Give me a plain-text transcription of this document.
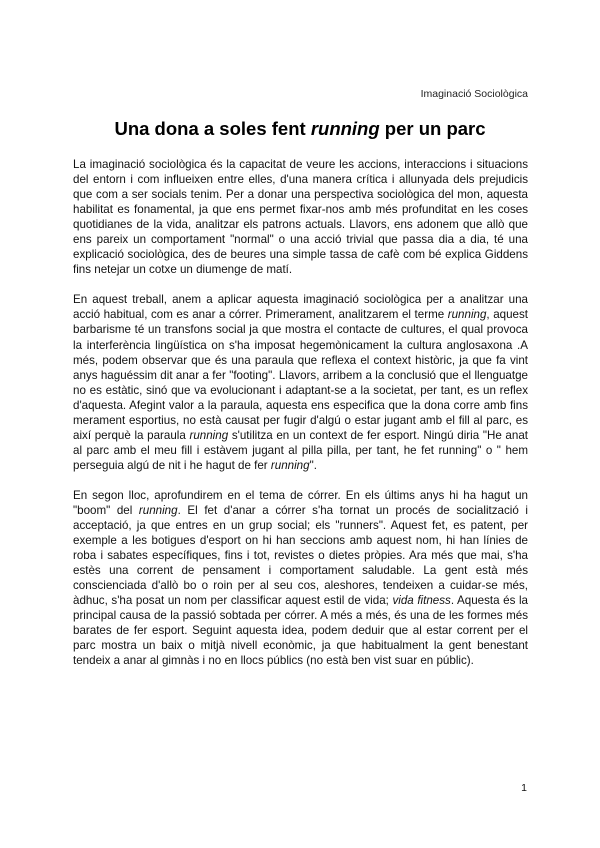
Imaginació Sociològica
Una dona a soles fent running per un parc

La imaginació sociològica és la capacitat de veure les accions, interaccions i situacions del entorn i com influeixen entre elles, d'una manera crítica i allunyada dels prejudicis que com a ser socials tenim. Per a donar una perspectiva sociològica del mon, aquesta habilitat es fonamental, ja que ens permet fixar-nos amb més profunditat en les coses quotidianes de la vida, analitzar els patrons actuals. Llavors, ens adonem que allò que ens pareix un comportament "normal" o una acció trivial que passa dia a dia, té una explicació sociològica, des de beures una simple tassa de cafè com bé explica Giddens fins netejar un cotxe un diumenge de matí.

En aquest treball, anem a aplicar aquesta imaginació sociològica per a analitzar una acció habitual, com es anar a córrer. Primerament, analitzarem el terme running, aquest barbarisme té un transfons social ja que mostra el contacte de cultures, el qual provoca la interferència lingüística on s'ha imposat hegemònicament la cultura anglosaxona .A més, podem observar que és una paraula que reflexa el context històric, ja que fa vint anys haguéssim dit anar a fer "footing". Llavors, arribem a la conclusió que el llenguatge no es estàtic, sinó que va evolucionant i adaptant-se a la societat, per tant, es un reflex d'aquesta. Afegint valor a la paraula, aquesta ens especifica que la dona corre amb fins merament esportius, no està causat per fugir d'algú o estar jugant amb el fill al parc, es així perquè la paraula running s'utilitza en un context de fer esport. Ningú diria "He anat al parc amb el meu fill i estàvem jugant al pilla pilla, per tant, he fet running" o " hem perseguia algú de nit i he hagut de fer running".

En segon lloc, aprofundirem en el tema de córrer. En els últims anys hi ha hagut un "boom" del running. El fet d'anar a córrer s'ha tornat un procés de socialització i acceptació, ja que entres en un grup social; els "runners". Aquest fet, es patent, per exemple a les botigues d'esport on hi han seccions amb aquest nom, hi han línies de roba i sabates específiques, fins i tot, revistes o dietes pròpies. Ara més que mai, s'ha estès una corrent de pensament i comportament saludable. La gent està més conscienciada d'allò bo o roin per al seu cos, aleshores, tendeixen a cuidar-se més, àdhuc, s'ha posat un nom per classificar aquest estil de vida; vida fitness. Aquesta és la principal causa de la passió sobtada per córrer. A més a més, és una de les formes més barates de fer esport. Seguint aquesta idea, podem deduir que al estar corrent per el parc mostra un baix o mitjà nivell econòmic, ja que habitualment la gent benestant tendeix a anar al gimnàs i no en llocs públics (no està ben vist suar en públic).

1
